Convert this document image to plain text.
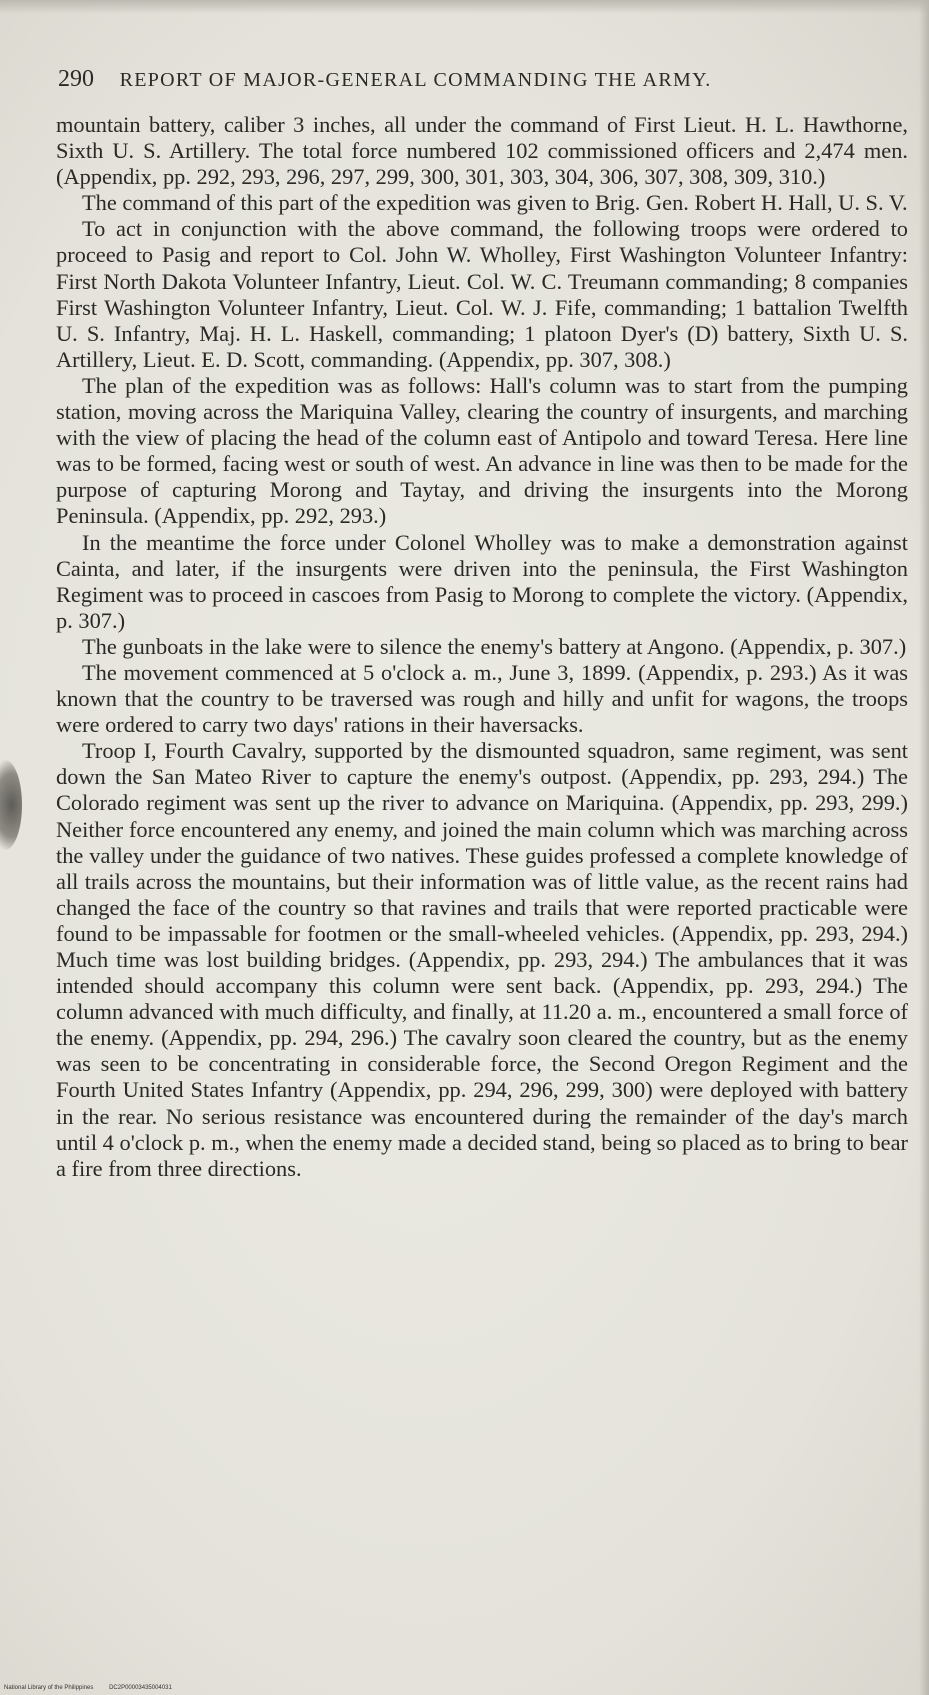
290 REPORT OF MAJOR-GENERAL COMMANDING THE ARMY.

mountain battery, caliber 3 inches, all under the command of First Lieut. H. L. Hawthorne, Sixth U. S. Artillery. The total force numbered 102 commissioned officers and 2,474 men. (Appendix, pp. 292, 293, 296, 297, 299, 300, 301, 303, 304, 306, 307, 308, 309, 310.)

The command of this part of the expedition was given to Brig. Gen. Robert H. Hall, U. S. V.

To act in conjunction with the above command, the following troops were ordered to proceed to Pasig and report to Col. John W. Wholley, First Washington Volunteer Infantry: First North Dakota Volunteer Infantry, Lieut. Col. W. C. Treumann commanding; 8 companies First Washington Volunteer Infantry, Lieut. Col. W. J. Fife, commanding; 1 battalion Twelfth U. S. Infantry, Maj. H. L. Haskell, commanding; 1 platoon Dyer's (D) battery, Sixth U. S. Artillery, Lieut. E. D. Scott, commanding. (Appendix, pp. 307, 308.)

The plan of the expedition was as follows: Hall's column was to start from the pumping station, moving across the Mariquina Valley, clearing the country of insurgents, and marching with the view of placing the head of the column east of Antipolo and toward Teresa. Here line was to be formed, facing west or south of west. An advance in line was then to be made for the purpose of capturing Morong and Taytay, and driving the insurgents into the Morong Peninsula. (Appendix, pp. 292, 293.)

In the meantime the force under Colonel Wholley was to make a demonstration against Cainta, and later, if the insurgents were driven into the peninsula, the First Washington Regiment was to proceed in cascoes from Pasig to Morong to complete the victory. (Appendix, p. 307.)

The gunboats in the lake were to silence the enemy's battery at Angono. (Appendix, p. 307.)

The movement commenced at 5 o'clock a. m., June 3, 1899. (Appendix, p. 293.) As it was known that the country to be traversed was rough and hilly and unfit for wagons, the troops were ordered to carry two days' rations in their haversacks.

Troop I, Fourth Cavalry, supported by the dismounted squadron, same regiment, was sent down the San Mateo River to capture the enemy's outpost. (Appendix, pp. 293, 294.) The Colorado regiment was sent up the river to advance on Mariquina. (Appendix, pp. 293, 299.) Neither force encountered any enemy, and joined the main column which was marching across the valley under the guidance of two natives. These guides professed a complete knowledge of all trails across the mountains, but their information was of little value, as the recent rains had changed the face of the country so that ravines and trails that were reported practicable were found to be impassable for footmen or the small-wheeled vehicles. (Appendix, pp. 293, 294.) Much time was lost building bridges. (Appendix, pp. 293, 294.) The ambulances that it was intended should accompany this column were sent back. (Appendix, pp. 293, 294.) The column advanced with much difficulty, and finally, at 11.20 a. m., encountered a small force of the enemy. (Appendix, pp. 294, 296.) The cavalry soon cleared the country, but as the enemy was seen to be concentrating in considerable force, the Second Oregon Regiment and the Fourth United States Infantry (Appendix, pp. 294, 296, 299, 300) were deployed with battery in the rear. No serious resistance was encountered during the remainder of the day's march until 4 o'clock p. m., when the enemy made a decided stand, being so placed as to bring to bear a fire from three directions.

National Library of the Philippines	DC2P00003435004031
